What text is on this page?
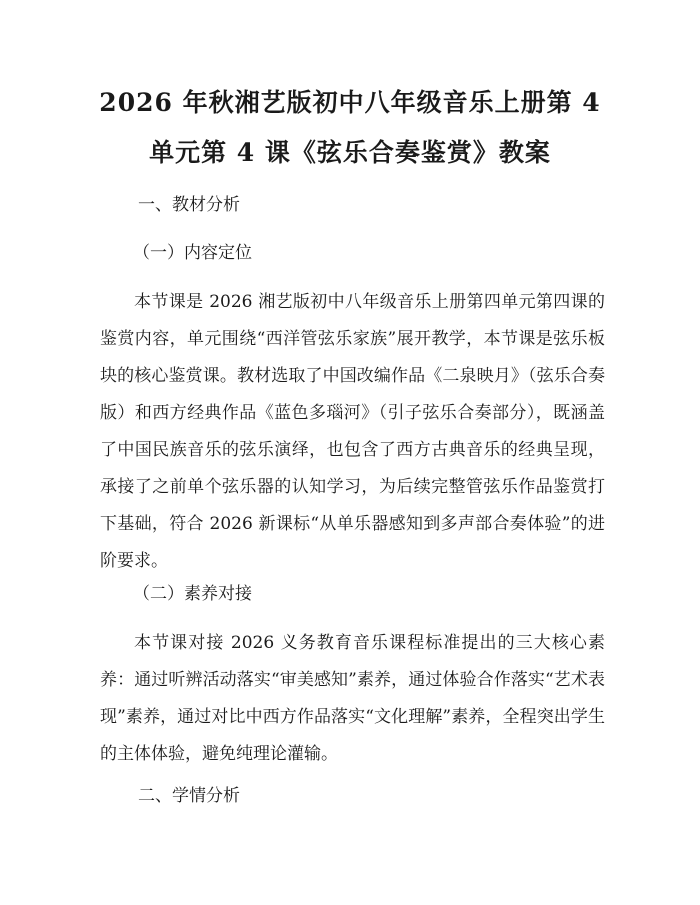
2026 年秋湘艺版初中八年级音乐上册第 4 单元第 4 课《弦乐合奏鉴赏》教案
一、教材分析
（一）内容定位

本节课是 2026 湘艺版初中八年级音乐上册第四单元第四课的鉴赏内容，单元围绕“西洋管弦乐家族”展开教学，本节课是弦乐板块的核心鉴赏课。教材选取了中国改编作品《二泉映月》（弦乐合奏版）和西方经典作品《蓝色多瑙河》（引子弦乐合奏部分），既涵盖了中国民族音乐的弦乐演绎，也包含了西方古典音乐的经典呈现，承接了之前单个弦乐器的认知学习，为后续完整管弦乐作品鉴赏打下基础，符合 2026 新课标“从单乐器感知到多声部合奏体验”的进阶要求。

（二）素养对接

本节课对接 2026 义务教育音乐课程标准提出的三大核心素养：通过听辨活动落实“审美感知”素养，通过体验合作落实“艺术表现”素养，通过对比中西方作品落实“文化理解”素养，全程突出学生的主体体验，避免纯理论灌输。

二、学情分析
